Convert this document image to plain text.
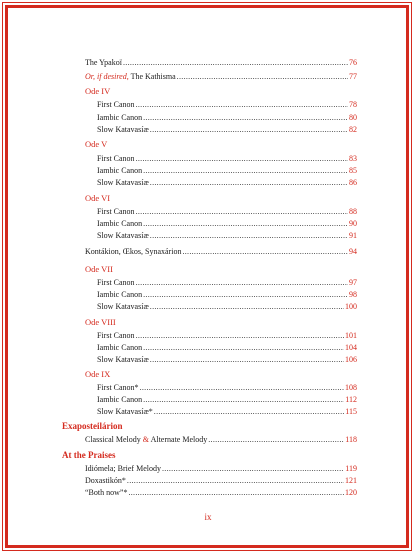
The Ypakoï .....	76
Or, if desired, The Kathisma .....	77
Ode IV
First Canon .....	78
Iambic Canon .....	80
Slow Katavasíæ .....	82
Ode V
First Canon .....	83
Iambic Canon .....	85
Slow Katavasíæ .....	86
Ode VI
First Canon .....	88
Iambic Canon .....	90
Slow Katavasíæ .....	91
Kontákion, Œkos, Synaxárion .....	94
Ode VII
First Canon .....	97
Iambic Canon .....	98
Slow Katavasíæ .....	100
Ode VIII
First Canon .....	101
Iambic Canon .....	104
Slow Katavasíæ .....	106
Ode IX
First Canon* .....	108
Iambic Canon .....	112
Slow Katavasíæ* .....	115
Exaposteilárion
Classical Melody & Alternate Melody .....	118
At the Praises
Idiómela; Brief Melody .....	119
Doxastikón* .....	121
“Both now”* .....	120
ix
